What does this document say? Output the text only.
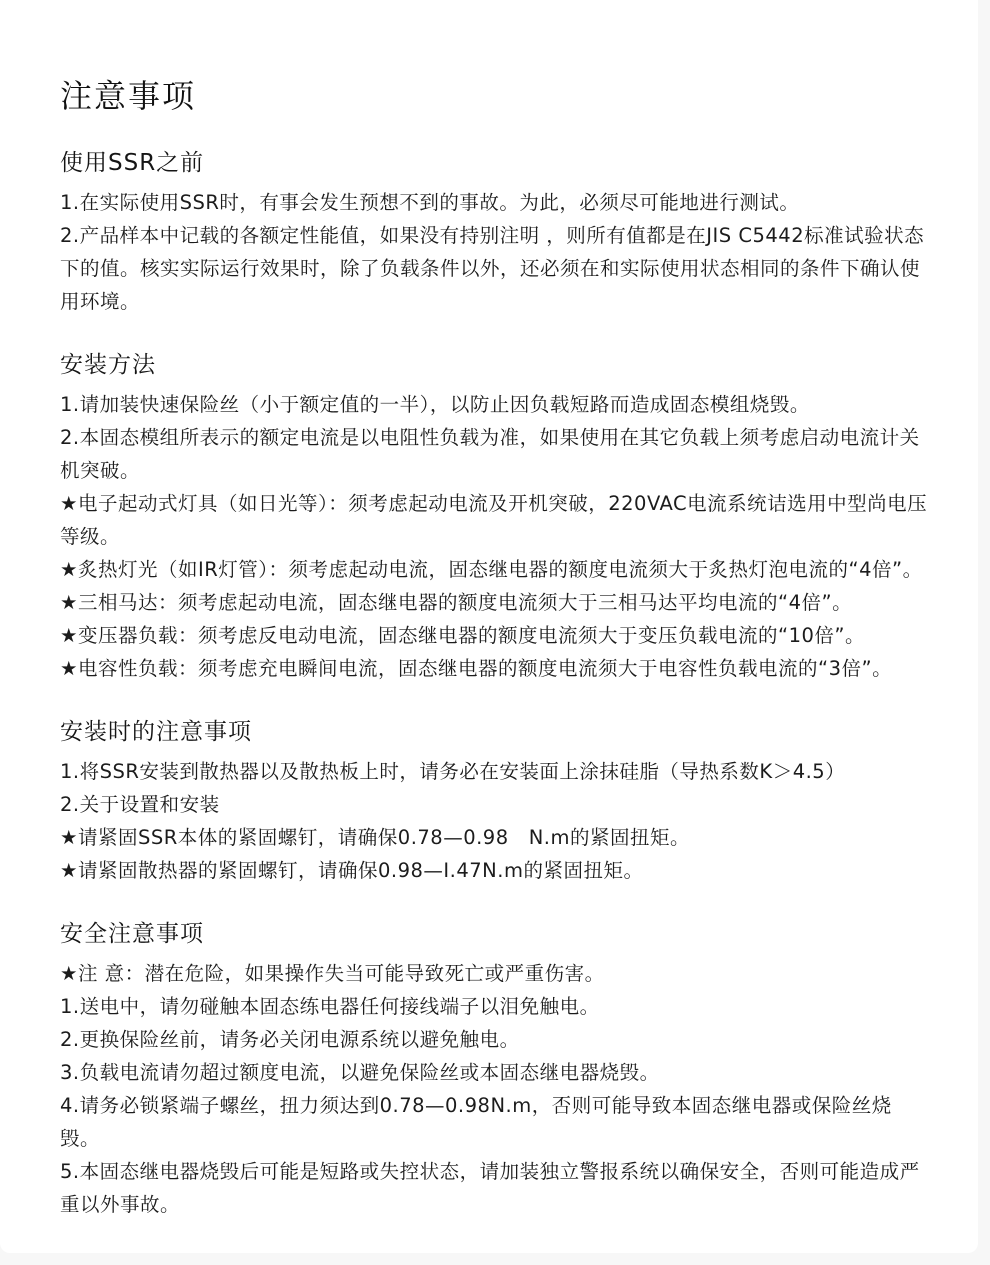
注意事项
使用SSR之前

1.在实际使用SSR时，有事会发生预想不到的事故。为此，必须尽可能地进行测试。

2.产品样本中记载的各额定性能值，如果没有持别注明 ，则所有值都是在JIS C5442标准试验状态下的值。核实实际运行效果时，除了负载条件以外，还必须在和实际使用状态相同的条件下确认使用环境。

安装方法

1.请加装快速保险丝（小于额定值的一半），以防止因负载短路而造成固态模组烧毁。

2.本固态模组所表示的额定电流是以电阻性负载为准，如果使用在其它负载上须考虑启动电流计关机突破。

★电子起动式灯具（如日光等）：须考虑起动电流及开机突破，220VAC电流系统诘选用中型尚电压等级。

★炙热灯光（如IR灯管）：须考虑起动电流，固态继电器的额度电流须大于炙热灯泡电流的“4倍”。

★三相马达：须考虑起动电流，固态继电器的额度电流须大于三相马达平均电流的“4倍”。

★变压器负载：须考虑反电动电流，固态继电器的额度电流须大于变压负载电流的“10倍”。

★电容性负载：须考虑充电瞬间电流，固态继电器的额度电流须大于电容性负载电流的“3倍”。

安装时的注意事项

1.将SSR安装到散热器以及散热板上时，请务必在安装面上涂抹硅脂（导热系数K＞4.5）

2.关于设置和安装

★请紧固SSR本体的紧固螺钉，请确保0.78—0.98   N.m的紧固扭矩。

★请紧固散热器的紧固螺钉，请确保0.98—I.47N.m的紧固扭矩。

安全注意事项

★注 意：潜在危险，如果操作失当可能导致死亡或严重伤害。

1.送电中，请勿碰触本固态练电器任何接线端子以泪免触电。

2.更换保险丝前，请务必关闭电源系统以避免触电。

3.负载电流请勿超过额度电流，以避免保险丝或本固态继电器烧毁。

4.请务必锁紧端子螺丝，扭力须达到0.78—0.98N.m，否则可能导致本固态继电器或保险丝烧毁。

5.本固态继电器烧毁后可能是短路或失控状态，请加装独立警报系统以确保安全，否则可能造成严重以外事故。
